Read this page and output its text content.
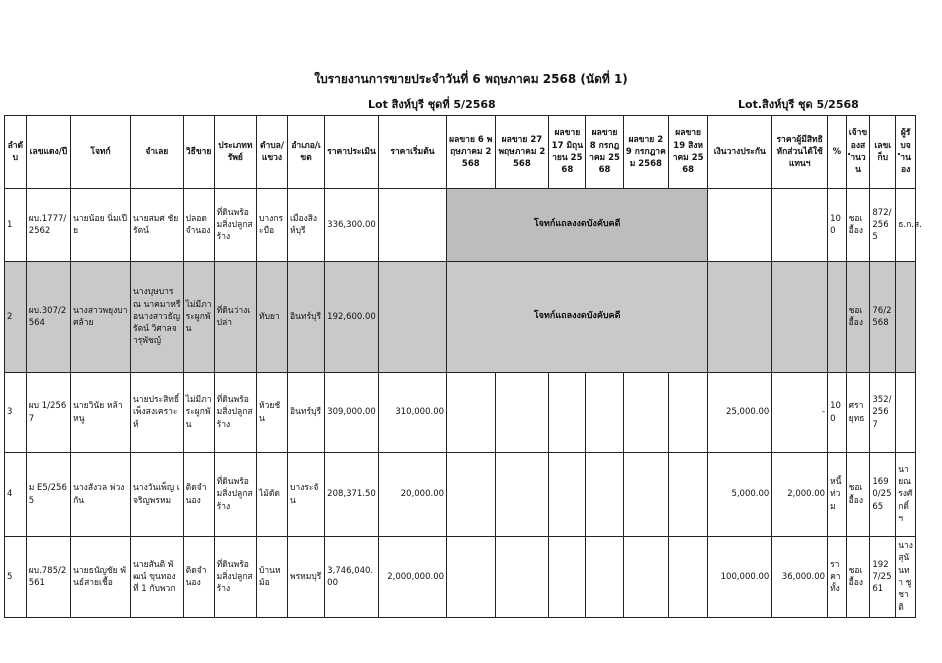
ใบรายงานการขายประจำวันที่ 6 พฤษภาคม 2568 (นัดที่ 1)
Lot สิงห์บุรี ชุดที่ 5/2568	Lot.สิงห์บุรี ชุด 5/2568
ลำดับ	เลขแดง/ปี	โจทก์	จำเลย	วิธีขาย	ประเภททรัพย์	ตำบล/แขวง	อำเภอ/เขต	ราคาประเมิน	ราคาเริ่มต้น	ผลขาย 6 พฤษภาคม 2568	ผลขาย 27 พฤษภาคม 2568	ผลขาย 17 มิถุนายน 2568	ผลขาย 8 กรกฎาคม 2568	ผลขาย 29 กรกฎาคม 2568	ผลขาย 19 สิงหาคม 2568	เงินวางประกัน	ราคาผู้มีสิทธิหักส่วนได้ใช้แทนฯ	%	เจ้าของสำนวน	เลขเก็บ	ผู้รับจำนอง
1	ผบ.1777/2562	นายน้อย นิ่มเปีย	นายสมศ ชัยรัตน์	ปลอดจำนอง	ที่ดินพร้อมสิ่งปลูกสร้าง	บางกระบือ	เมืองสิงห์บุรี	336,300.00		โจทก์แถลงงดบังคับคดี								100	ชอเอื้อง	872/2565	ธ.ก.ส.
2	ผบ.307/2564	นางสาวพยุงบาศล้าย	นางบุษบารณ นาคมาหรือนางสาวธัญรัตน์ วิศาลจารุพัชญ์	ไม่มีภาระผูกพัน	ที่ดินว่างเปล่า	ทับยา	อินทร์บุรี	192,600.00		โจทก์แถลงงดบังคับคดี									ชอเอื้อง	76/2568	
3	ผบ 1/2567	นายวินัย หล้าหนู	นายประสิทธิ์ เพ็งสงเคราะห์	ไม่มีภาระผูกพัน	ที่ดินพร้อมสิ่งปลูกสร้าง	ห้วยชัน	อินทร์บุรี	309,000.00	310,000.00							25,000.00	-	100	ศรายุทธ	352/2567	
4	ม E5/2565	นางสังวล พ่วงกัน	นางวันเพ็ญ เจริญพรหม	ติดจำนอง	ที่ดินพร้อมสิ่งปลูกสร้าง	ไม้ดัด	บางระจัน	208,371.50	20,000.00							5,000.00	2,000.00	หนี้ท่วม	ชอเอื้อง	1690/2565	นายณรงศักดิ์ ฯ
5	ผบ.785/2561	นายธนัญชัย พันธ์สายเชื้อ	นายสันติ พัฒน์ ขุนทอง ที่ 1 กับพวก	ติดจำนอง	ที่ดินพร้อมสิ่งปลูกสร้าง	บ้านหม้อ	พรหมบุรี	3,746,040.00	2,000,000.00							100,000.00	36,000.00	ราคาทั้ง	ชอเอื้อง	1927/2561	นางสุนันทา ชูชาติ
